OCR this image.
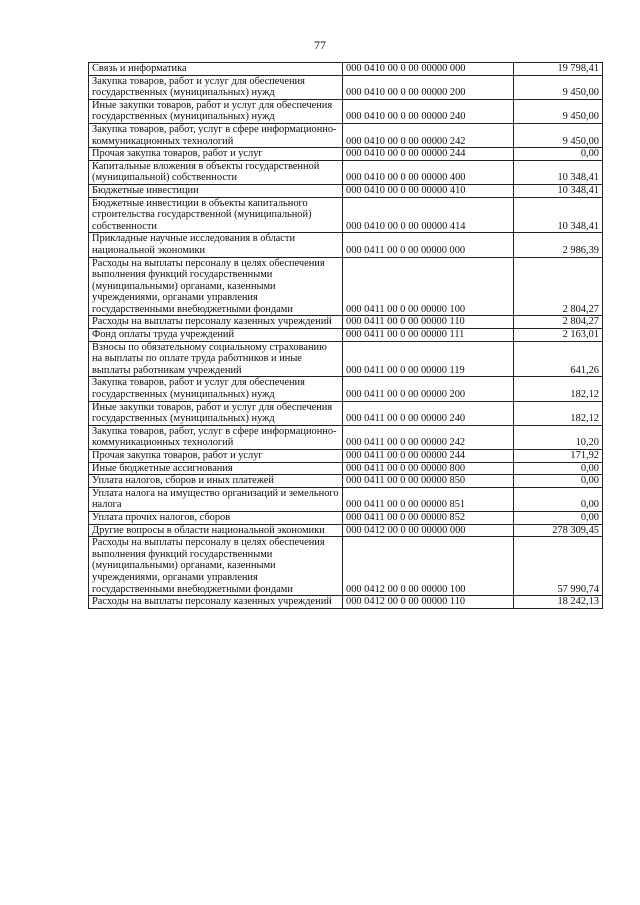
77
Связь и информатика	000 0410 00 0 00 00000 000	19 798,41
Закупка товаров, работ и услуг для обеспечения государственных (муниципальных) нужд	000 0410 00 0 00 00000 200	9 450,00
Иные закупки товаров, работ и услуг для обеспечения государственных (муниципальных) нужд	000 0410 00 0 00 00000 240	9 450,00
Закупка товаров, работ, услуг в сфере информационно-коммуникационных технологий	000 0410 00 0 00 00000 242	9 450,00
Прочая закупка товаров, работ и услуг	000 0410 00 0 00 00000 244	0,00
Капитальные вложения в объекты государственной (муниципальной) собственности	000 0410 00 0 00 00000 400	10 348,41
Бюджетные инвестиции	000 0410 00 0 00 00000 410	10 348,41
Бюджетные инвестиции в объекты капитального строительства государственной (муниципальной) собственности	000 0410 00 0 00 00000 414	10 348,41
Прикладные научные исследования в области национальной экономики	000 0411 00 0 00 00000 000	2 986,39
Расходы на выплаты персоналу в целях обеспечения выполнения функций государственными (муниципальными) органами, казенными учреждениями, органами управления государственными внебюджетными фондами	000 0411 00 0 00 00000 100	2 804,27
Расходы на выплаты персоналу казенных учреждений	000 0411 00 0 00 00000 110	2 804,27
Фонд оплаты труда учреждений	000 0411 00 0 00 00000 111	2 163,01
Взносы по обязательному социальному страхованию на выплаты по оплате труда работников и иные выплаты работникам учреждений	000 0411 00 0 00 00000 119	641,26
Закупка товаров, работ и услуг для обеспечения государственных (муниципальных) нужд	000 0411 00 0 00 00000 200	182,12
Иные закупки товаров, работ и услуг для обеспечения государственных (муниципальных) нужд	000 0411 00 0 00 00000 240	182,12
Закупка товаров, работ, услуг в сфере информационно-коммуникационных технологий	000 0411 00 0 00 00000 242	10,20
Прочая закупка товаров, работ и услуг	000 0411 00 0 00 00000 244	171,92
Иные бюджетные ассигнования	000 0411 00 0 00 00000 800	0,00
Уплата налогов, сборов и иных платежей	000 0411 00 0 00 00000 850	0,00
Уплата налога на имущество организаций и земельного налога	000 0411 00 0 00 00000 851	0,00
Уплата прочих налогов, сборов	000 0411 00 0 00 00000 852	0,00
Другие вопросы в области национальной экономики	000 0412 00 0 00 00000 000	278 309,45
Расходы на выплаты персоналу в целях обеспечения выполнения функций государственными (муниципальными) органами, казенными учреждениями, органами управления государственными внебюджетными фондами	000 0412 00 0 00 00000 100	57 990,74
Расходы на выплаты персоналу казенных учреждений	000 0412 00 0 00 00000 110	18 242,13
